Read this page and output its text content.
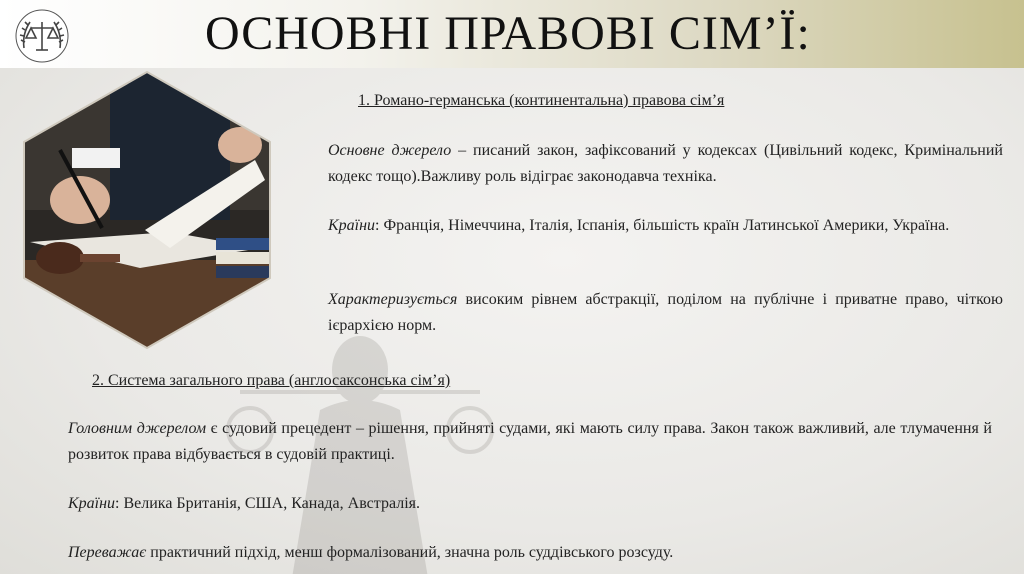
ОСНОВНІ ПРАВОВІ СІМ’Ї:
1. Романо-германська (континентальна) правова сім’я
Основне джерело – писаний закон, зафіксований у кодексах (Цивільний кодекс, Кримінальний кодекс тощо).Важливу роль відіграє законодавча техніка.
Країни: Франція, Німеччина, Італія, Іспанія, більшість країн Латинської Америки, Україна.
Характеризується високим рівнем абстракції, поділом на публічне і приватне право, чіткою ієрархією норм.
2. Система загального права (англосаксонська сім’я)
Головним джерелом є судовий прецедент – рішення, прийняті судами, які мають силу права. Закон також важливий, але тлумачення й розвиток права відбувається в судовій практиці.
Країни: Велика Британія, США, Канада, Австралія.
Переважає практичний підхід, менш формалізований, значна роль суддівського розсуду.
